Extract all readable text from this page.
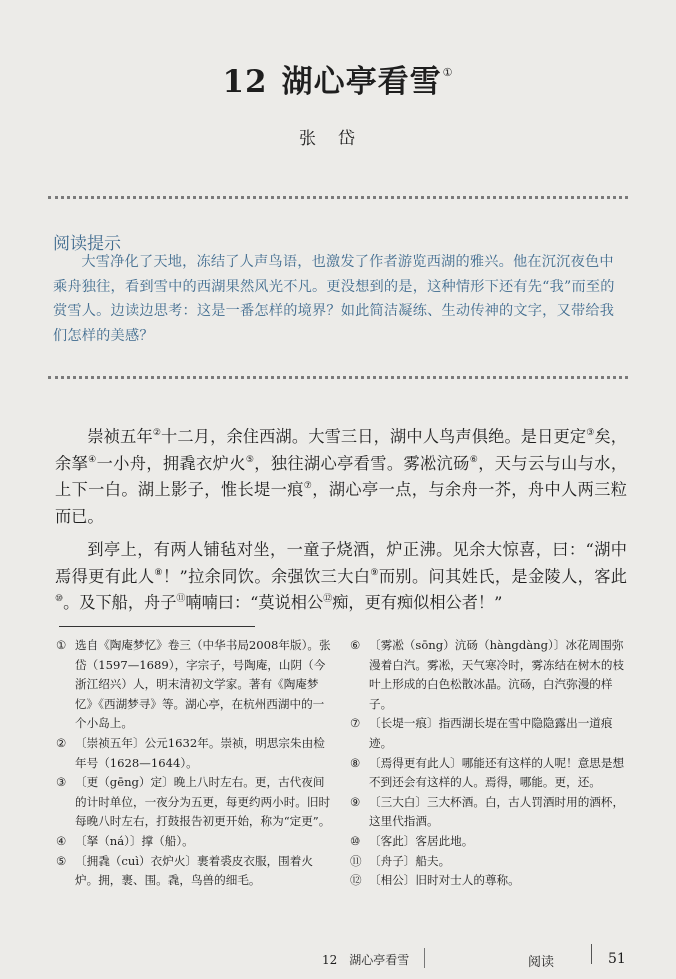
12 湖心亭看雪①
张岱
阅读提示
大雪净化了天地，冻结了人声鸟语，也激发了作者游览西湖的雅兴。他在沉沉夜色中乘舟独往，看到雪中的西湖果然风光不凡。更没想到的是，这种情形下还有先“我”而至的赏雪人。边读边思考：这是一番怎样的境界？如此简洁凝练、生动传神的文字，又带给我们怎样的美感？

崇祯五年②十二月，余住西湖。大雪三日，湖中人鸟声俱绝。是日更定③矣，余拏④一小舟，拥毳衣炉火⑤，独往湖心亭看雪。雾凇沆砀⑥，天与云与山与水，上下一白。湖上影子，惟长堤一痕⑦，湖心亭一点，与余舟一芥，舟中人两三粒而已。

到亭上，有两人铺毡对坐，一童子烧酒，炉正沸。见余大惊喜，曰：“湖中焉得更有此人⑧！”拉余同饮。余强饮三大白⑨而别。问其姓氏，是金陵人，客此⑩。及下船，舟子⑪喃喃曰：“莫说相公⑫痴，更有痴似相公者！”

① 选自《陶庵梦忆》卷三（中华书局2008年版）。张岱（1597—1689），字宗子，号陶庵，山阴（今浙江绍兴）人，明末清初文学家。著有《陶庵梦忆》《西湖梦寻》等。湖心亭，在杭州西湖中的一个小岛上。
② 〔崇祯五年〕公元1632年。崇祯，明思宗朱由检年号（1628—1644）。
③ 〔更（gēng）定〕晚上八时左右。更，古代夜间的计时单位，一夜分为五更，每更约两小时。旧时每晚八时左右，打鼓报告初更开始，称为“定更”。
④ 〔拏（ná）〕撑（船）。
⑤ 〔拥毳（cuì）衣炉火〕裹着裘皮衣服，围着火炉。拥，裹、围。毳，鸟兽的细毛。
⑥ 〔雾凇（sōng）沆砀（hàngdàng）〕冰花周围弥漫着白汽。雾凇，天气寒冷时，雾冻结在树木的枝叶上形成的白色松散冰晶。沆砀，白汽弥漫的样子。
⑦ 〔长堤一痕〕指西湖长堤在雪中隐隐露出一道痕迹。
⑧ 〔焉得更有此人〕哪能还有这样的人呢！意思是想不到还会有这样的人。焉得，哪能。更，还。
⑨ 〔三大白〕三大杯酒。白，古人罚酒时用的酒杯，这里代指酒。
⑩ 〔客此〕客居此地。
⑪ 〔舟子〕船夫。
⑫ 〔相公〕旧时对士人的尊称。
12　湖心亭看雪	阅读	51
